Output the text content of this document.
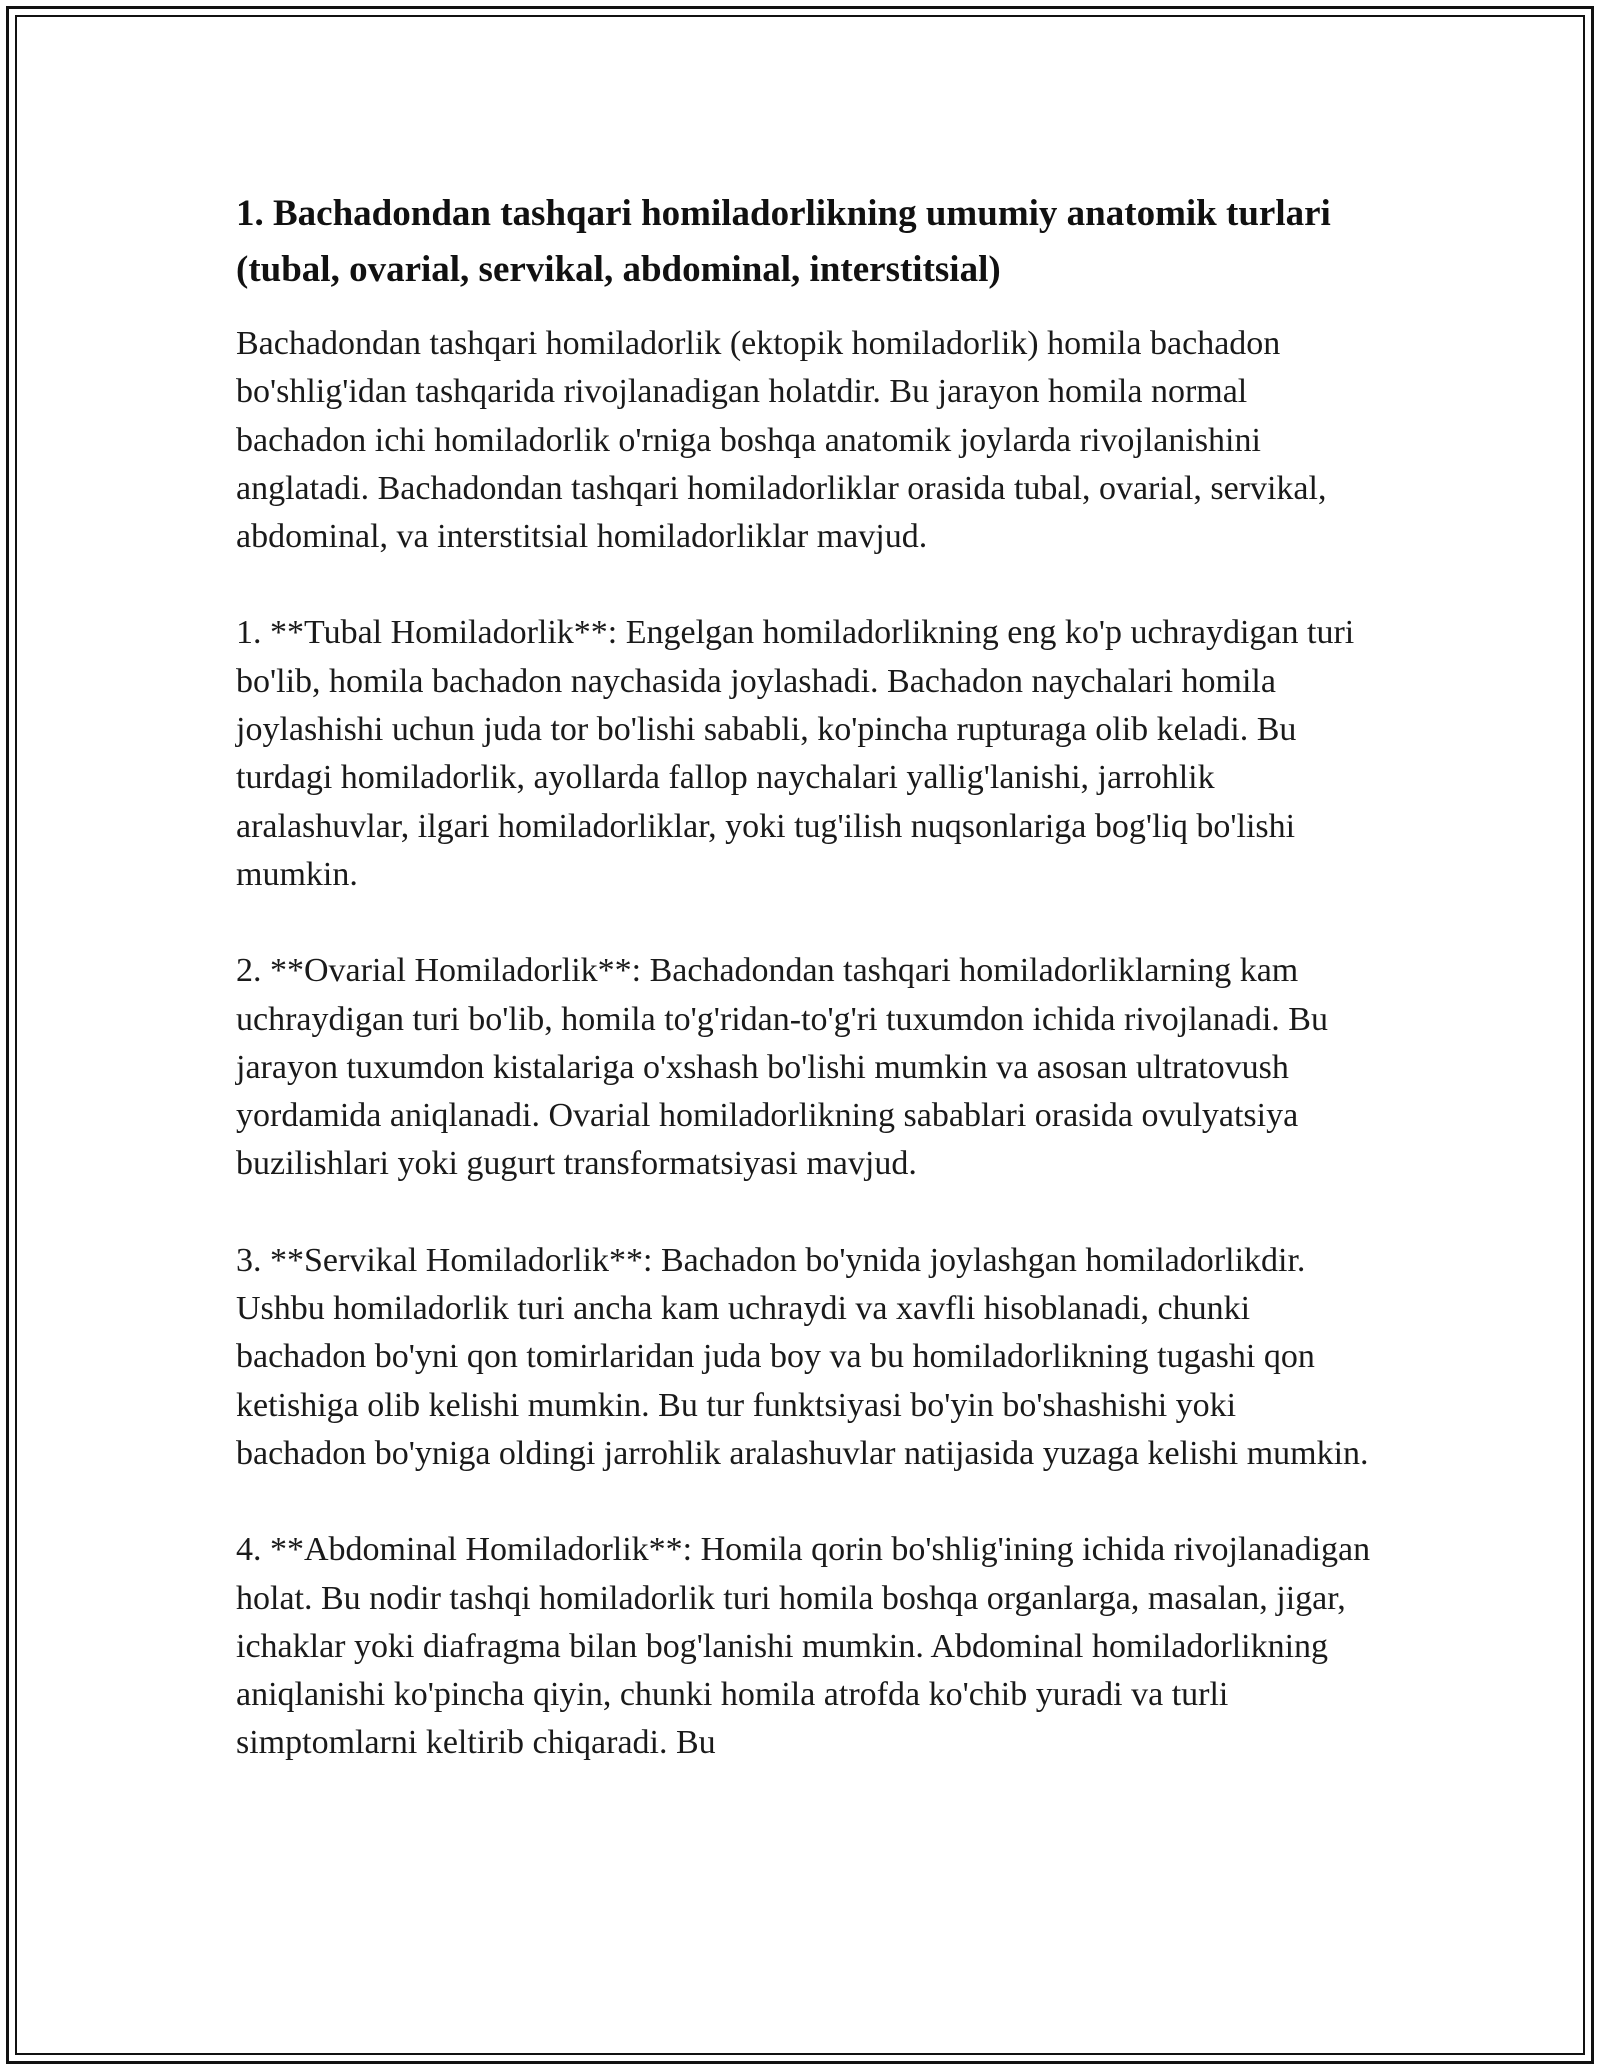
1. Bachadondan tashqari homiladorlikning umumiy anatomik turlari (tubal, ovarial, servikal, abdominal, interstitsial)

Bachadondan tashqari homiladorlik (ektopik homiladorlik) homila bachadon bo'shlig'idan tashqarida rivojlanadigan holatdir. Bu jarayon homila normal bachadon ichi homiladorlik o'rniga boshqa anatomik joylarda rivojlanishini anglatadi. Bachadondan tashqari homiladorliklar orasida tubal, ovarial, servikal, abdominal, va interstitsial homiladorliklar mavjud.

1. **Tubal Homiladorlik**: Engelgan homiladorlikning eng ko'p uchraydigan turi bo'lib, homila bachadon naychasida joylashadi. Bachadon naychalari homila joylashishi uchun juda tor bo'lishi sababli, ko'pincha rupturaga olib keladi. Bu turdagi homiladorlik, ayollarda fallop naychalari yallig'lanishi, jarrohlik aralashuvlar, ilgari homiladorliklar, yoki tug'ilish nuqsonlariga bog'liq bo'lishi mumkin.

2. **Ovarial Homiladorlik**: Bachadondan tashqari homiladorliklarning kam uchraydigan turi bo'lib, homila to'g'ridan-to'g'ri tuxumdon ichida rivojlanadi. Bu jarayon tuxumdon kistalariga o'xshash bo'lishi mumkin va asosan ultratovush yordamida aniqlanadi. Ovarial homiladorlikning sabablari orasida ovulyatsiya buzilishlari yoki gugurt transformatsiyasi mavjud.

3. **Servikal Homiladorlik**: Bachadon bo'ynida joylashgan homiladorlikdir. Ushbu homiladorlik turi ancha kam uchraydi va xavfli hisoblanadi, chunki bachadon bo'yni qon tomirlaridan juda boy va bu homiladorlikning tugashi qon ketishiga olib kelishi mumkin. Bu tur funktsiyasi bo'yin bo'shashishi yoki bachadon bo'yniga oldingi jarrohlik aralashuvlar natijasida yuzaga kelishi mumkin.

4. **Abdominal Homiladorlik**: Homila qorin bo'shlig'ining ichida rivojlanadigan holat. Bu nodir tashqi homiladorlik turi homila boshqa organlarga, masalan, jigar, ichaklar yoki diafragma bilan bog'lanishi mumkin. Abdominal homiladorlikning aniqlanishi ko'pincha qiyin, chunki homila atrofda ko'chib yuradi va turli simptomlarni keltirib chiqaradi. Bu
